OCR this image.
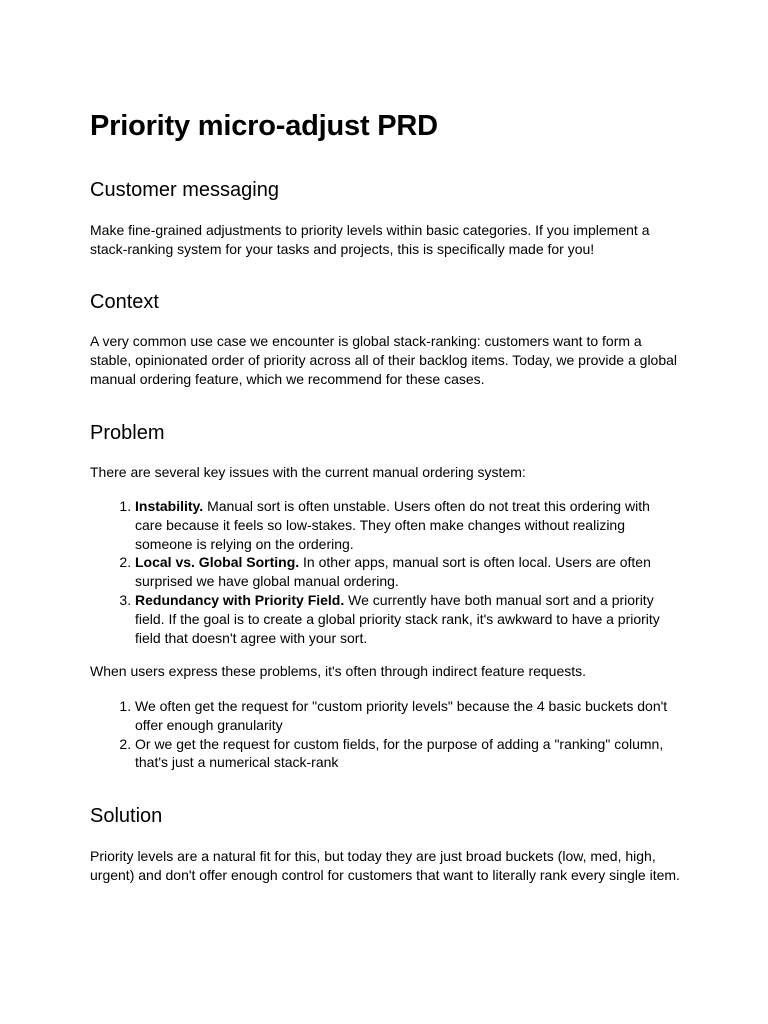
Priority micro-adjust PRD
Customer messaging

Make fine-grained adjustments to priority levels within basic categories. If you implement a stack-ranking system for your tasks and projects, this is specifically made for you!

Context

A very common use case we encounter is global stack-ranking: customers want to form a stable, opinionated order of priority across all of their backlog items. Today, we provide a global manual ordering feature, which we recommend for these cases.

Problem

There are several key issues with the current manual ordering system:

1. Instability. Manual sort is often unstable. Users often do not treat this ordering with care because it feels so low-stakes. They often make changes without realizing someone is relying on the ordering.
2. Local vs. Global Sorting. In other apps, manual sort is often local. Users are often surprised we have global manual ordering.
3. Redundancy with Priority Field. We currently have both manual sort and a priority field. If the goal is to create a global priority stack rank, it's awkward to have a priority field that doesn't agree with your sort.

When users express these problems, it's often through indirect feature requests.

1. We often get the request for "custom priority levels" because the 4 basic buckets don't offer enough granularity
2. Or we get the request for custom fields, for the purpose of adding a "ranking" column, that's just a numerical stack-rank
Solution

Priority levels are a natural fit for this, but today they are just broad buckets (low, med, high, urgent) and don't offer enough control for customers that want to literally rank every single item.
